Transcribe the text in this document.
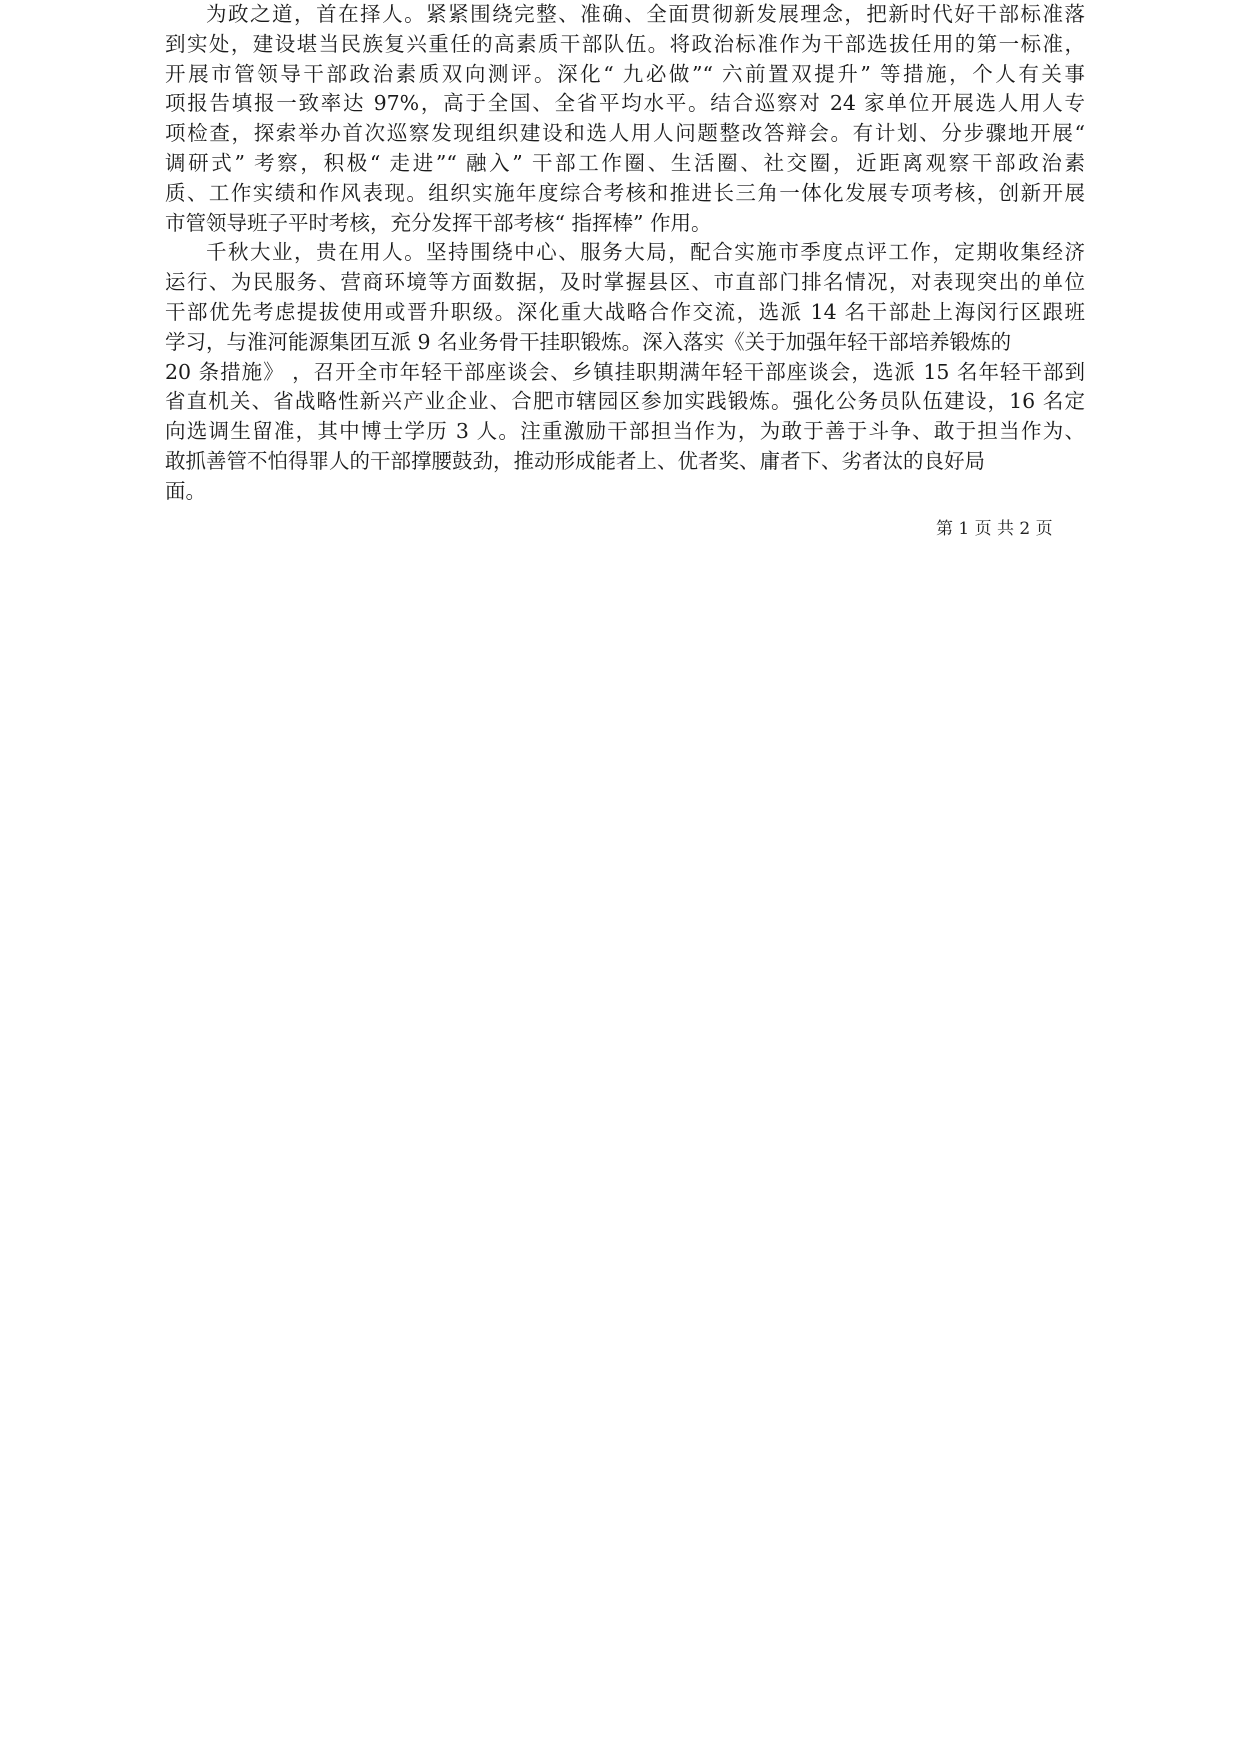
为政之道，首在择人。紧紧围绕完整、准确、全面贯彻新发展理念，把新时代好干部标准落
到实处，建设堪当民族复兴重任的高素质干部队伍。将政治标准作为干部选拔任用的第一标准，
开展市管领导干部政治素质双向测评。深化“ 九必做”“ 六前置双提升” 等措施，个人有关事
项报告填报一致率达 97%，高于全国、全省平均水平。结合巡察对 24 家单位开展选人用人专
项检查，探索举办首次巡察发现组织建设和选人用人问题整改答辩会。有计划、分步骤地开展“
调研式” 考察，积极“ 走进”“ 融入” 干部工作圈、生活圈、社交圈，近距离观察干部政治素
质、工作实绩和作风表现。组织实施年度综合考核和推进长三角一体化发展专项考核，创新开展
市管领导班子平时考核，充分发挥干部考核“ 指挥棒” 作用。
千秋大业，贵在用人。坚持围绕中心、服务大局，配合实施市季度点评工作，定期收集经济
运行、为民服务、营商环境等方面数据，及时掌握县区、市直部门排名情况，对表现突出的单位
干部优先考虑提拔使用或晋升职级。深化重大战略合作交流，选派 14 名干部赴上海闵行区跟班
学习，与淮河能源集团互派 9 名业务骨干挂职锻炼。深入落实《关于加强年轻干部培养锻炼的
20 条措施》 ，召开全市年轻干部座谈会、乡镇挂职期满年轻干部座谈会，选派 15 名年轻干部到
省直机关、省战略性新兴产业企业、合肥市辖园区参加实践锻炼。强化公务员队伍建设，16 名定
向选调生留准，其中博士学历 3 人。注重激励干部担当作为，为敢于善于斗争、敢于担当作为、
敢抓善管不怕得罪人的干部撑腰鼓劲，推动形成能者上、优者奖、庸者下、劣者汰的良好局
面。
第 1 页 共 2 页
